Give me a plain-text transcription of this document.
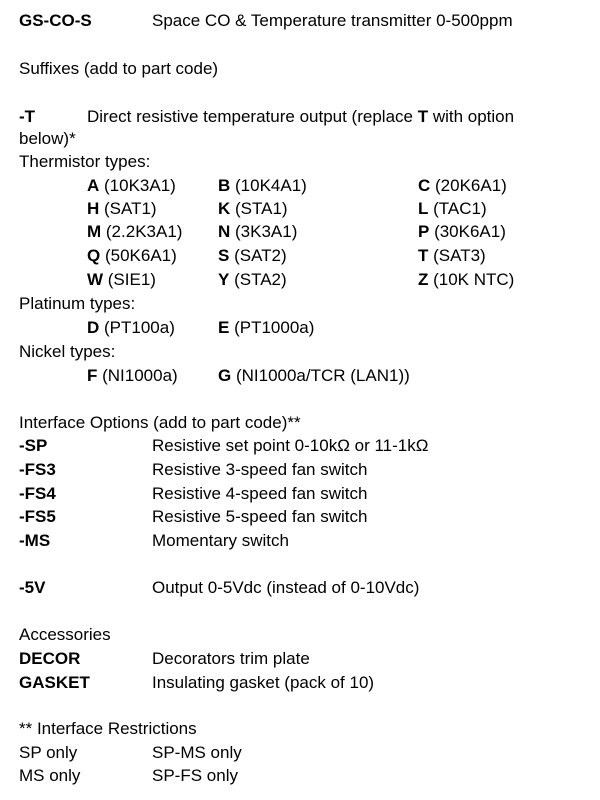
GS-CO-S	Space CO & Temperature transmitter 0-500ppm
Suffixes (add to part code)
-T	Direct resistive temperature output (replace T with option
below)*
Thermistor types:
A (10K3A1) B (10K4A1)	C (20K6A1)
H (SAT1)	K (STA1)	L (TAC1)
M (2.2K3A1) N (3K3A1)	P (30K6A1)
Q (50K6A1) S (SAT2)	T (SAT3)
W (SIE1)	Y (STA2)	Z (10K NTC)
Platinum types:
D (PT100a)	E (PT1000a)
Nickel types:
F (NI1000a) G (NI1000a/TCR (LAN1))
Interface Options (add to part code)**
-SP	Resistive set point 0-10kΩ or 11-1kΩ
-FS3	Resistive 3-speed fan switch
-FS4	Resistive 4-speed fan switch
-FS5	Resistive 5-speed fan switch
-MS	Momentary switch
-5V	Output 0-5Vdc (instead of 0-10Vdc)
Accessories
DECOR	Decorators trim plate
GASKET	Insulating gasket (pack of 10)
** Interface Restrictions
SP only	SP-MS only
MS only	SP-FS only
